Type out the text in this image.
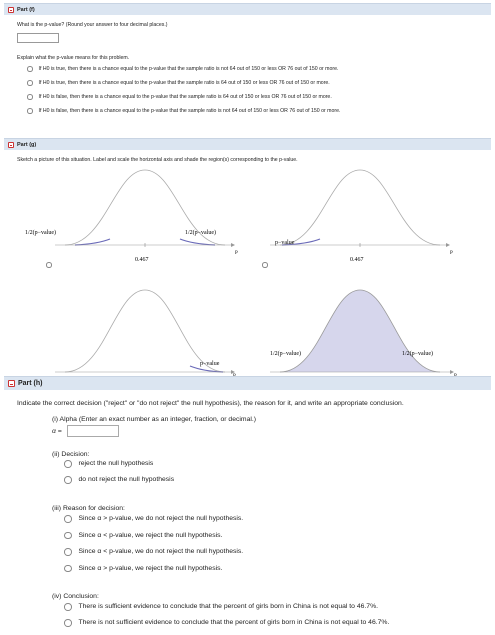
Part (f)
What is the p-value? (Round your answer to four decimal places.)
Explain what the p-value means for this problem.
If H0 is true, then there is a chance equal to the p-value that the sample ratio is not 64 out of 150 or less OR 76 out of 150 or more.
If H0 is true, then there is a chance equal to the p-value that the sample ratio is 64 out of 150 or less OR 76 out of 150 or more.
If H0 is false, then there is a chance equal to the p-value that the sample ratio is 64 out of 150 or less OR 76 out of 150 or more.
If H0 is false, then there is a chance equal to the p-value that the sample ratio is not 64 out of 150 or less OR 76 out of 150 or more.
Part (g)
Sketch a picture of this situation. Label and scale the horizontal axis and shade the region(s) corresponding to the p-value.
1/2(p−value)	1/2(p−value)
0.467
P
p−value
0.467
P
p−value
1/2(p−value)	1/2(p−value)
Part (h)
Indicate the correct decision ("reject" or "do not reject" the null hypothesis), the reason for it, and write an appropriate conclusion.
(i) Alpha (Enter an exact number as an integer, fraction, or decimal.)
α =
(ii) Decision:
reject the null hypothesis
do not reject the null hypothesis
(iii) Reason for decision:
Since α > p-value, we do not reject the null hypothesis.
Since α < p-value, we reject the null hypothesis.
Since α < p-value, we do not reject the null hypothesis.
Since α > p-value, we reject the null hypothesis.
(iv) Conclusion:
There is sufficient evidence to conclude that the percent of girls born in China is not equal to 46.7%.
There is not sufficient evidence to conclude that the percent of girls born in China is not equal to 46.7%.
